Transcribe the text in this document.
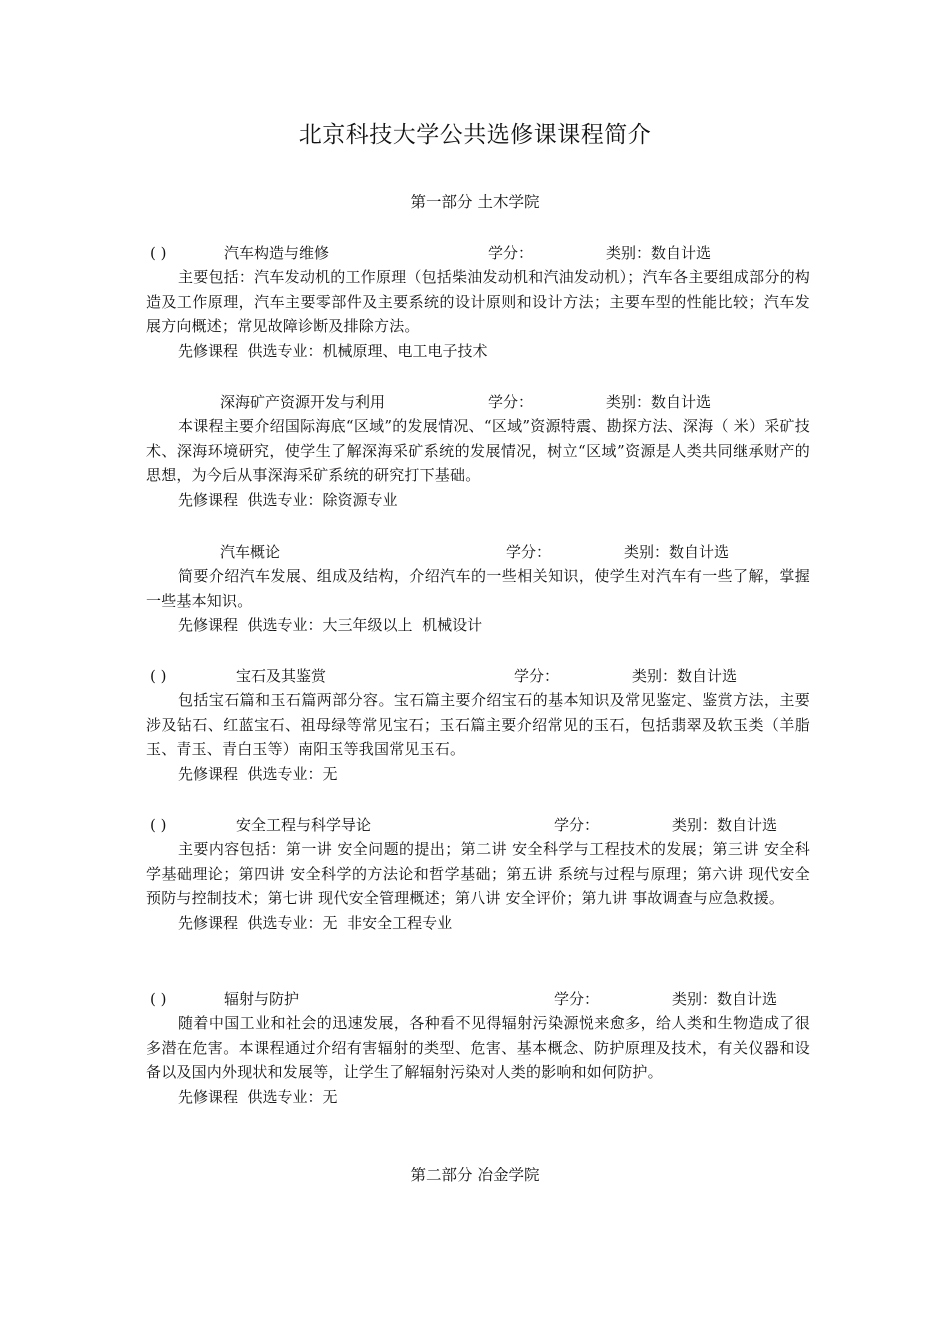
北京科技大学公共选修课课程简介
第一部分 土木学院
( )	汽车构造与维修	学分：	类别：数自计选

主要包括：汽车发动机的工作原理（包括柴油发动机和汽油发动机）；汽车各主要组成部分的构造及工作原理，汽车主要零部件及主要系统的设计原则和设计方法；主要车型的性能比较；汽车发展方向概述；常见故障诊断及排除方法。

先修课程  供选专业：机械原理、电工电子技术

深海矿产资源开发与利用	学分：	类别：数自计选

本课程主要介绍国际海底“区域”的发展情况、“区域”资源特震、勘探方法、深海（ 米）采矿技术、深海环境研究，使学生了解深海采矿系统的发展情况，树立“区域”资源是人类共同继承财产的思想，为今后从事深海采矿系统的研究打下基础。

先修课程  供选专业：除资源专业

汽车概论	学分：	类别：数自计选

简要介绍汽车发展、组成及结构，介绍汽车的一些相关知识，使学生对汽车有一些了解，掌握一些基本知识。

先修课程  供选专业：大三年级以上  机械设计

( )	宝石及其鉴赏	学分：	类别：数自计选

包括宝石篇和玉石篇两部分容。宝石篇主要介绍宝石的基本知识及常见鉴定、鉴赏方法，主要涉及钻石、红蓝宝石、祖母绿等常见宝石；玉石篇主要介绍常见的玉石，包括翡翠及软玉类（羊脂玉、青玉、青白玉等）南阳玉等我国常见玉石。

先修课程  供选专业：无

( )	安全工程与科学导论	学分：	类别：数自计选

主要内容包括：第一讲 安全问题的提出；第二讲 安全科学与工程技术的发展；第三讲 安全科学基础理论；第四讲 安全科学的方法论和哲学基础；第五讲 系统与过程与原理；第六讲 现代安全预防与控制技术；第七讲 现代安全管理概述；第八讲 安全评价；第九讲 事故调查与应急救援。

先修课程  供选专业：无  非安全工程专业

( )	辐射与防护	学分：	类别：数自计选

随着中国工业和社会的迅速发展，各种看不见得辐射污染源悦来愈多，给人类和生物造成了很多潜在危害。本课程通过介绍有害辐射的类型、危害、基本概念、防护原理及技术，有关仪器和设备以及国内外现状和发展等，让学生了解辐射污染对人类的影响和如何防护。

先修课程  供选专业：无

第二部分 冶金学院
